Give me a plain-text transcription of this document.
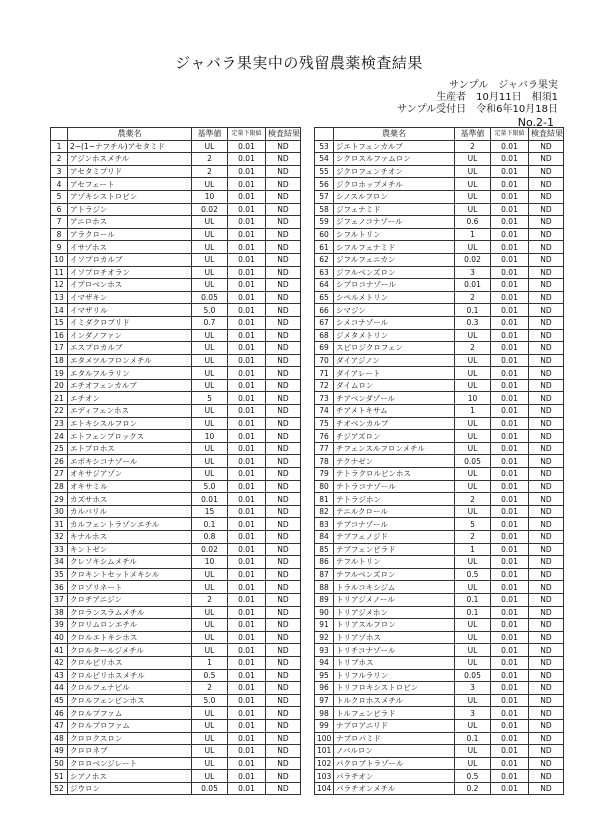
ジャバラ果実中の残留農薬検査結果
サンプル　ジャバラ果実
生産者　10月11日　相須1
サンプル受付日　令和6年10月18日
No.2-1
	農薬名	基準値	定量下限値	検査結果
1	2−(1−ナフチル)アセタミド	UL	0.01	ND
2	アジンホスメチル	2	0.01	ND
3	アセタミプリド	2	0.01	ND
4	アセフェート	UL	0.01	ND
5	アゾキシストロビン	10	0.01	ND
6	アトラジン	0.02	0.01	ND
7	アニロホス	UL	0.01	ND
8	アラクロール	UL	0.01	ND
9	イサゾホス	UL	0.01	ND
10	イソプロカルブ	UL	0.01	ND
11	イソプロチオラン	UL	0.01	ND
12	イプロベンホス	UL	0.01	ND
13	イマザキン	0.05	0.01	ND
14	イマザリル	5.0	0.01	ND
15	イミダクロプリド	0.7	0.01	ND
16	インダノファン	UL	0.01	ND
17	エスプロカルブ	UL	0.01	ND
18	エタメツルフロンメチル	UL	0.01	ND
19	エタルフルラリン	UL	0.01	ND
20	エチオフェンカルブ	UL	0.01	ND
21	エチオン	5	0.01	ND
22	エディフェンホス	UL	0.01	ND
23	エトキシスルフロン	UL	0.01	ND
24	エトフェンプロックス	10	0.01	ND
25	エトプロホス	UL	0.01	ND
26	エポキシコナゾール	UL	0.01	ND
27	オキサジアゾン	UL	0.01	ND
28	オキサミル	5.0	0.01	ND
29	カズサホス	0.01	0.01	ND
30	カルバリル	15	0.01	ND
31	カルフェントラゾンエチル	0.1	0.01	ND
32	キナルホス	0.8	0.01	ND
33	キントゼン	0.02	0.01	ND
34	クレソキシムメチル	10	0.01	ND
35	クロキントセットメキシル	UL	0.01	ND
36	クロゾリネート	UL	0.01	ND
37	クロチアニジン	2	0.01	ND
38	クロランスラムメチル	UL	0.01	ND
39	クロリムロンエチル	UL	0.01	ND
40	クロルエトキシホス	UL	0.01	ND
41	クロルタールジメチル	UL	0.01	ND
42	クロルピリホス	1	0.01	ND
43	クロルピリホスメチル	0.5	0.01	ND
44	クロルフェナピル	2	0.01	ND
45	クロルフェンビンホス	5.0	0.01	ND
46	クロルプファム	UL	0.01	ND
47	クロルプロファム	UL	0.01	ND
48	クロロクスロン	UL	0.01	ND
49	クロロネブ	UL	0.01	ND
50	クロロベンジレート	UL	0.01	ND
51	シアノホス	UL	0.01	ND
52	ジウロン	0.05	0.01	ND
	農薬名	基準値	定量下限値	検査結果
53	ジエトフェンカルブ	2	0.01	ND
54	シクロスルファムロン	UL	0.01	ND
55	ジクロフェンチオン	UL	0.01	ND
56	ジクロホップメチル	UL	0.01	ND
57	シノスルフロン	UL	0.01	ND
58	ジフェナミド	UL	0.01	ND
59	ジフェノコナゾール	0.6	0.01	ND
60	シフルトリン	1	0.01	ND
61	シフルフェナミド	UL	0.01	ND
62	ジフルフェニカン	0.02	0.01	ND
63	ジフルベンズロン	3	0.01	ND
64	シプロコナゾール	0.01	0.01	ND
65	シペルメトリン	2	0.01	ND
66	シマジン	0.1	0.01	ND
67	シメコナゾール	0.3	0.01	ND
68	ジメタメトリン	UL	0.01	ND
69	スピロジクロフェン	2	0.01	ND
70	ダイアジノン	UL	0.01	ND
71	ダイアレート	UL	0.01	ND
72	ダイムロン	UL	0.01	ND
73	チアベンダゾール	10	0.01	ND
74	チアメトキサム	1	0.01	ND
75	チオベンカルブ	UL	0.01	ND
76	チジアズロン	UL	0.01	ND
77	チフェンスルフロンメチル	UL	0.01	ND
78	テクナゼン	0.05	0.01	ND
79	テトラクロルビンホス	UL	0.01	ND
80	テトラコナゾール	UL	0.01	ND
81	テトラジホン	2	0.01	ND
82	テニルクロール	UL	0.01	ND
83	テブコナゾール	5	0.01	ND
84	テブフェノジド	2	0.01	ND
85	テブフェンピラド	1	0.01	ND
86	テフルトリン	UL	0.01	ND
87	テフルベンズロン	0.5	0.01	ND
88	トラルコキシジム	UL	0.01	ND
89	トリアジメノール	0.1	0.01	ND
90	トリアジメホン	0.1	0.01	ND
91	トリアスルフロン	UL	0.01	ND
92	トリアゾホス	UL	0.01	ND
93	トリチコナゾール	UL	0.01	ND
94	トリブホス	UL	0.01	ND
95	トリフルラリン	0.05	0.01	ND
96	トリフロキシストロビン	3	0.01	ND
97	トルクロホスメチル	UL	0.01	ND
98	トルフェンピラド	3	0.01	ND
99	ナプロアニリド	UL	0.01	ND
100	ナプロパミド	0.1	0.01	ND
101	ノバルロン	UL	0.01	ND
102	パクロブトラゾール	UL	0.01	ND
103	パラチオン	0.5	0.01	ND
104	パラチオンメチル	0.2	0.01	ND
